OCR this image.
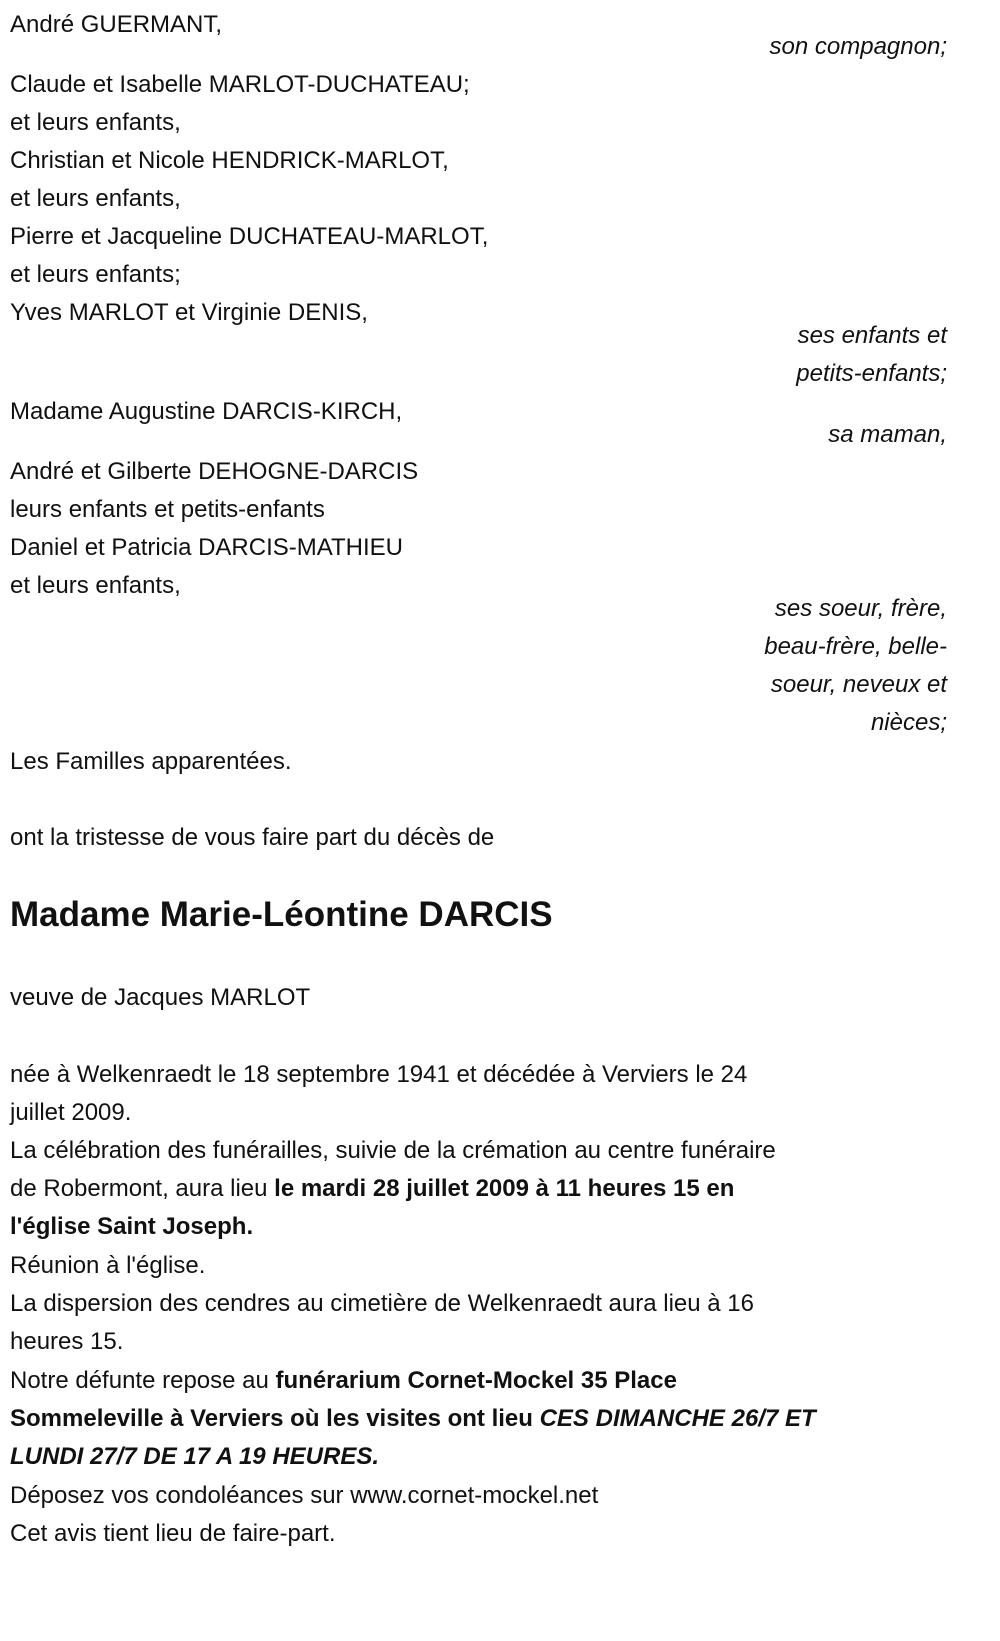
André GUERMANT,
son compagnon;
Claude et Isabelle MARLOT-DUCHATEAU;
et leurs enfants,
Christian et Nicole HENDRICK-MARLOT,
et leurs enfants,
Pierre et Jacqueline DUCHATEAU-MARLOT,
et leurs enfants;
Yves MARLOT et Virginie DENIS,
ses enfants et
petits-enfants;
Madame Augustine DARCIS-KIRCH,
sa maman,
André et Gilberte DEHOGNE-DARCIS
leurs enfants et petits-enfants
Daniel et Patricia DARCIS-MATHIEU
et leurs enfants,
ses soeur, frère,
beau-frère, belle-
soeur, neveux et
nièces;
Les Familles apparentées.
ont la tristesse de vous faire part du décès de
Madame Marie-Léontine DARCIS
veuve de Jacques MARLOT
née à Welkenraedt le 18 septembre 1941 et décédée à Verviers le 24
juillet 2009.
La célébration des funérailles, suivie de la crémation au centre funéraire
de Robermont, aura lieu le mardi 28 juillet 2009 à 11 heures 15 en
l'église Saint Joseph.
Réunion à l'église.
La dispersion des cendres au cimetière de Welkenraedt aura lieu à 16
heures 15.
Notre défunte repose au funérarium Cornet-Mockel 35 Place
Sommeleville à Verviers où les visites ont lieu CES DIMANCHE 26/7 ET
LUNDI 27/7 DE 17 A 19 HEURES.
Déposez vos condoléances sur www.cornet-mockel.net
Cet avis tient lieu de faire-part.
